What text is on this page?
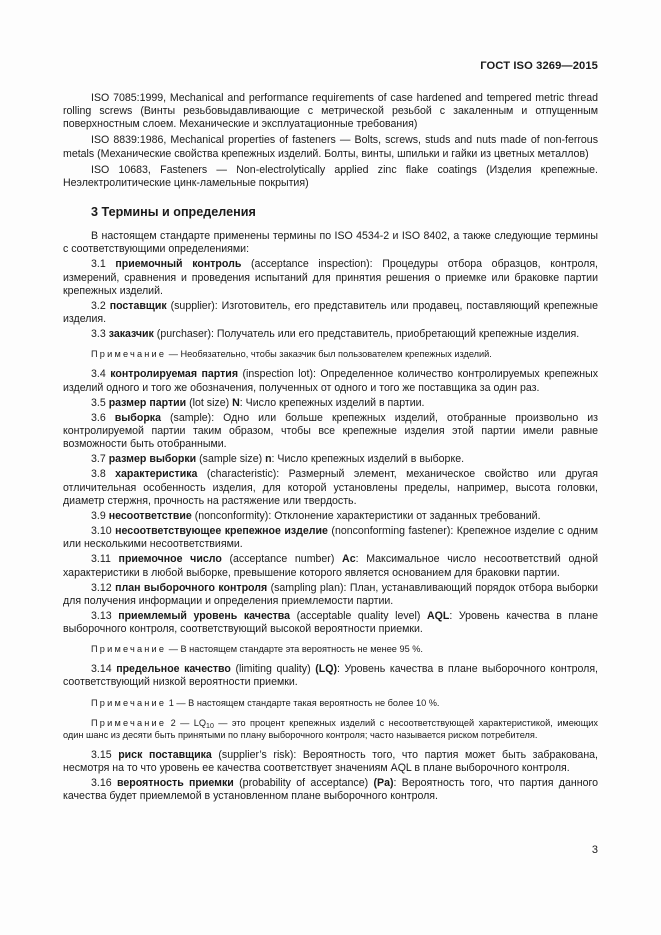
ГОСТ ISO 3269—2015

ISO 7085:1999, Mechanical and performance requirements of case hardened and tempered metric thread rolling screws (Винты резьбовыдавливающие с метрической резьбой с закаленным и отпущенным поверхностным слоем. Механические и эксплуатационные требования)

ISO 8839:1986, Mechanical properties of fasteners — Bolts, screws, studs and nuts made of non-ferrous metals (Механические свойства крепежных изделий. Болты, винты, шпильки и гайки из цветных металлов)

ISO 10683, Fasteners — Non-electrolytically applied zinc flake coatings (Изделия крепежные. Неэлектролитические цинк-ламельные покрытия)

3 Термины и определения

В настоящем стандарте применены термины по ISO 4534-2 и ISO 8402, а также следующие термины с соответствующими определениями:

3.1 приемочный контроль (acceptance inspection): Процедуры отбора образцов, контроля, измерений, сравнения и проведения испытаний для принятия решения о приемке или браковке партии крепежных изделий.

3.2 поставщик (supplier): Изготовитель, его представитель или продавец, поставляющий крепежные изделия.

3.3 заказчик (purchaser): Получатель или его представитель, приобретающий крепежные изделия.

Примечание — Необязательно, чтобы заказчик был пользователем крепежных изделий.

3.4 контролируемая партия (inspection lot): Определенное количество контролируемых крепежных изделий одного и того же обозначения, полученных от одного и того же поставщика за один раз.

3.5 размер партии (lot size) N: Число крепежных изделий в партии.

3.6 выборка (sample): Одно или больше крепежных изделий, отобранные произвольно из контролируемой партии таким образом, чтобы все крепежные изделия этой партии имели равные возможности быть отобранными.

3.7 размер выборки (sample size) n: Число крепежных изделий в выборке.

3.8 характеристика (characteristic): Размерный элемент, механическое свойство или другая отличительная особенность изделия, для которой установлены пределы, например, высота головки, диаметр стержня, прочность на растяжение или твердость.

3.9 несоответствие (nonconformity): Отклонение характеристики от заданных требований.

3.10 несоответствующее крепежное изделие (nonconforming fastener): Крепежное изделие с одним или несколькими несоответствиями.

3.11 приемочное число (acceptance number) Ac: Максимальное число несоответствий одной характеристики в любой выборке, превышение которого является основанием для браковки партии.

3.12 план выборочного контроля (sampling plan): План, устанавливающий порядок отбора выборки для получения информации и определения приемлемости партии.

3.13 приемлемый уровень качества (acceptable quality level) AQL: Уровень качества в плане выборочного контроля, соответствующий высокой вероятности приемки.

Примечание — В настоящем стандарте эта вероятность не менее 95 %.

3.14 предельное качество (limiting quality) (LQ): Уровень качества в плане выборочного контроля, соответствующий низкой вероятности приемки.

Примечание 1 — В настоящем стандарте такая вероятность не более 10 %.

Примечание 2 — $LQ_{10}$ — это процент крепежных изделий с несоответствующей характеристикой, имеющих один шанс из десяти быть принятыми по плану выборочного контроля; часто называется риском потребителя.

3.15 риск поставщика (supplier’s risk): Вероятность того, что партия может быть забракована, несмотря на то что уровень ее качества соответствует значениям AQL в плане выборочного контроля.

3.16 вероятность приемки (probability of acceptance) (Pa): Вероятность того, что партия данного качества будет приемлемой в установленном плане выборочного контроля.

3
